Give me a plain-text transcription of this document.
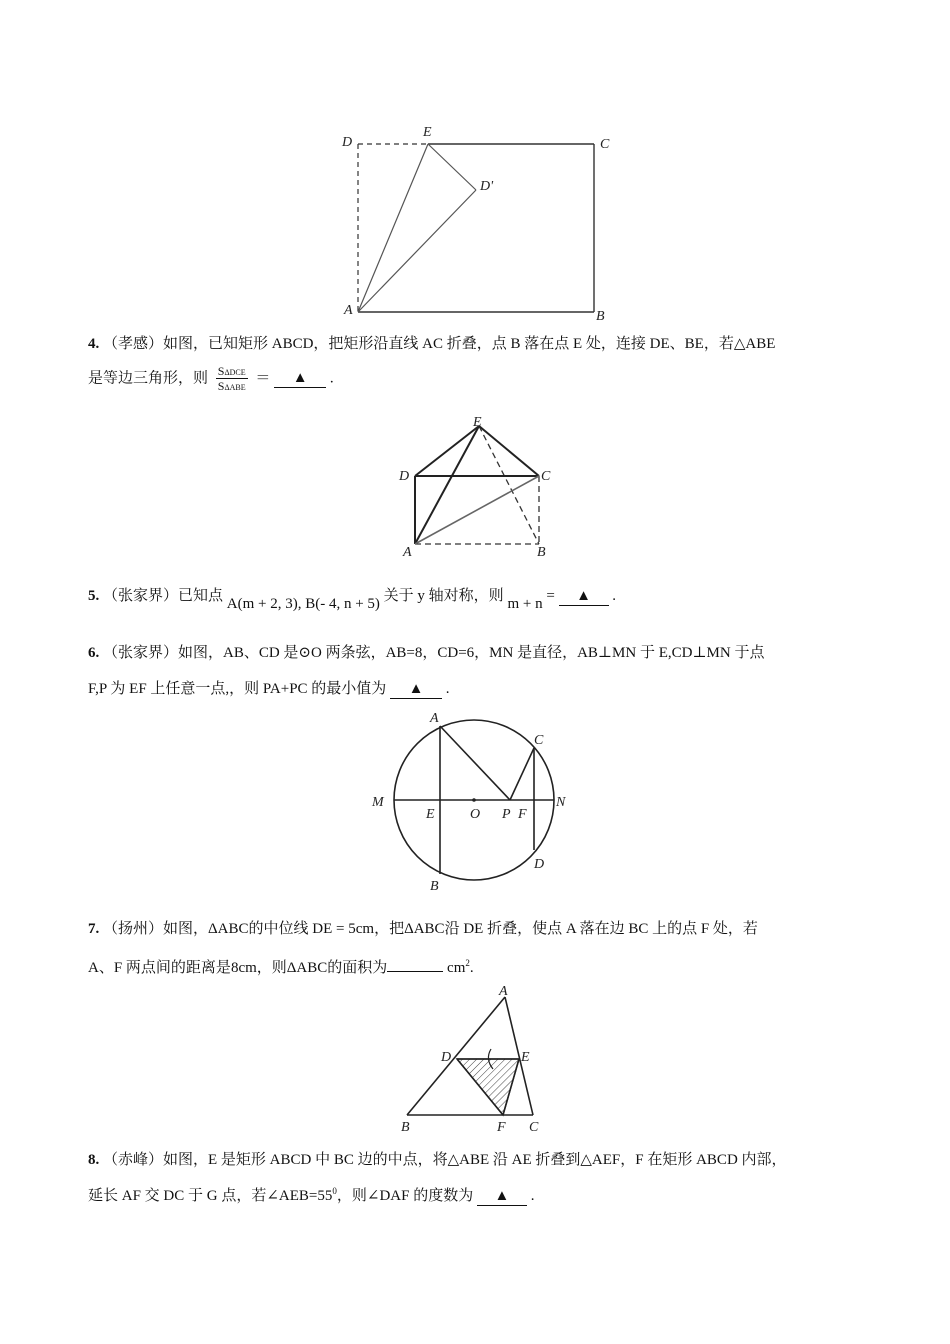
D
E
C
D'
A	B
4. （孝感）如图，已知矩形 ABCD，把矩形沿直线 AC 折叠，点 B 落在点 E 处，连接 DE、BE，若△ABE
是等边三角形，则 $\frac{\text{SΔDCE}}{\text{SΔABE}}$ ＝ ▲ .
E
D	C
A	B
5. （张家界）已知点 A(m + 2, 3), B(- 4, n + 5) 关于 y 轴对称，则 m + n = ▲ .
6. （张家界）如图，AB、CD 是⊙O 两条弦，AB=8，CD=6，MN 是直径，AB⊥MN 于 E,CD⊥MN 于点
F,P 为 EF 上任意一点,，则 PA+PC 的最小值为 ▲ .
A
C
M
E	O P F
N
D
B
7. （扬州）如图，ΔABC的中位线 DE = 5cm，把ΔABC沿 DE 折叠，使点 A 落在边 BC 上的点 F 处，若
A、F 两点间的距离是8cm，则ΔABC的面积为	$cm^2$.
A
D	E
B	F C
8. （赤峰）如图，E 是矩形 ABCD 中 BC 边的中点，将△ABE 沿 AE 折叠到△AEF，F 在矩形 ABCD 内部，
延长 AF 交 DC 于 G 点，若$\angle AEB=55^0$，则∠DAF 的度数为 ▲ .
